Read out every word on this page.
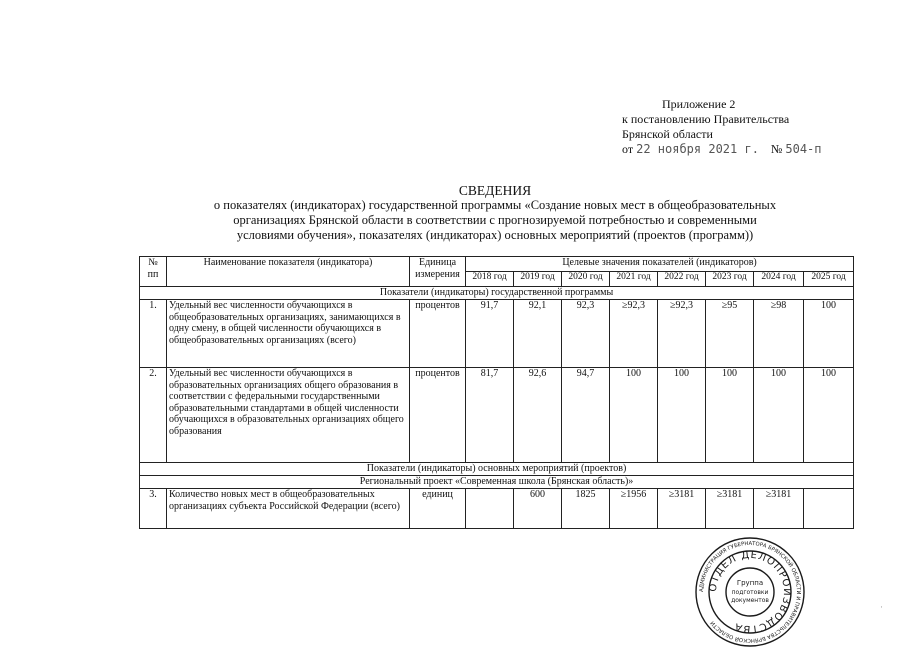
Приложение 2
к постановлению Правительства
Брянской области
от 22 ноября 2021 г. № 504-п
СВЕДЕНИЯ
о показателях (индикаторах) государственной программы «Создание новых мест в общеобразовательных
организациях Брянской области в соответствии с прогнозируемой потребностью и современными
условиями обучения», показателях (индикаторах) основных мероприятий (проектов (программ))
№ пп	Наименование показателя (индикатора)	Единица измерения	Целевые значения показателей (индикаторов)							
			2018 год	2019 год	2020 год	2021 год	2022 год	2023 год	2024 год	2025 год
Показатели (индикаторы) государственной программы										
1.	Удельный вес численности обучающихся в общеобразовательных организациях, занимающихся в одну смену, в общей численности обучающихся в общеобразовательных организациях (всего)	процентов	91,7	92,1	92,3	≥92,3	≥92,3	≥95	≥98	100
2.	Удельный вес численности обучающихся в образовательных организациях общего образования в соответствии с федеральными государственными образовательными стандартами в общей численности обучающихся в образовательных организациях общего образования	процентов	81,7	92,6	94,7	100	100	100	100	100
Показатели (индикаторы) основных мероприятий (проектов)										
Региональный проект «Современная школа (Брянская область)»										
3.	Количество новых мест в общеобразовательных организациях субъекта Российской Федерации (всего)	единиц		600	1825	≥1956	≥3181	≥3181	≥3181	
АДМИНИСТРАЦИЯ ГУБЕРНАТОРА БРЯНСКОЙ ОБЛАСТИ И ПРАВИТЕЛЬСТВА БРЯНСКОЙ ОБЛАСТИ
ОТДЕЛ ДЕЛОПРОИЗВОДСТВА
Группа
подготовки
документов
·
